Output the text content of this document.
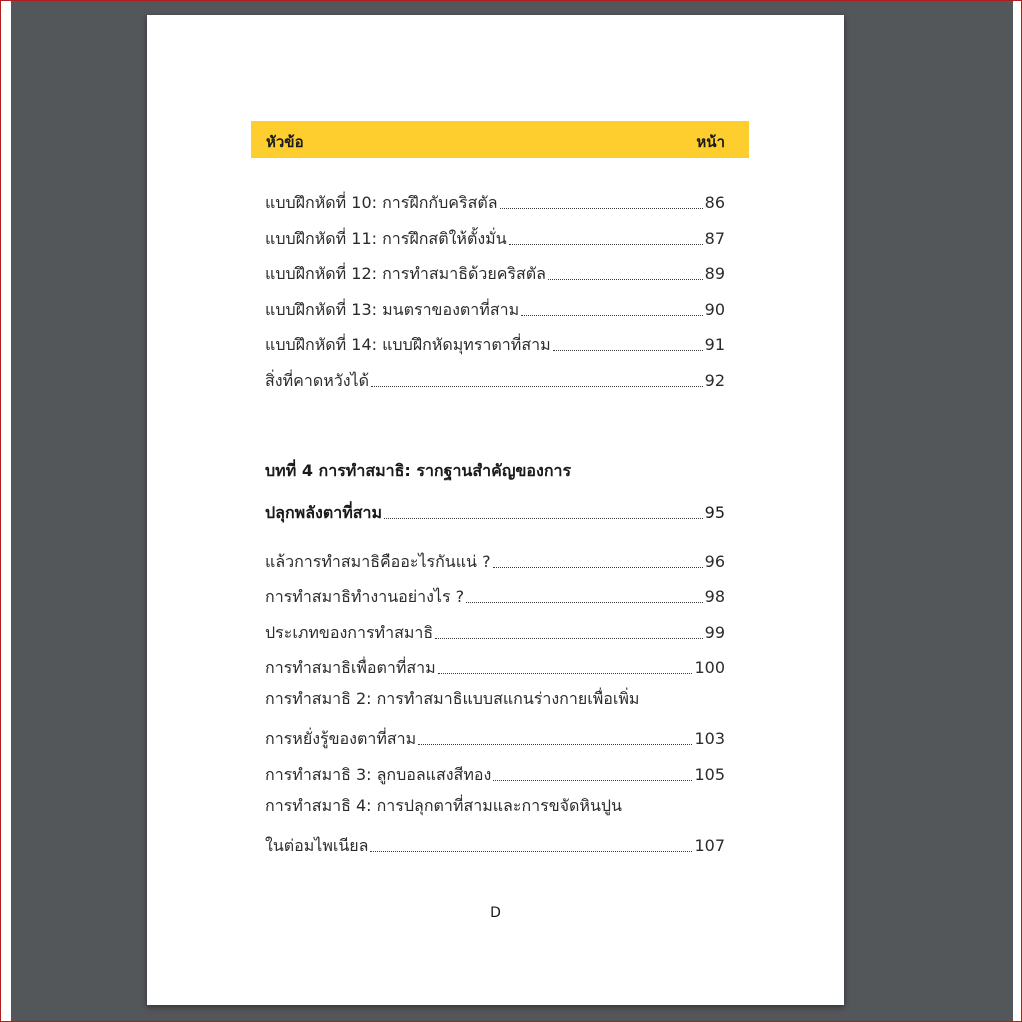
หัวข้อ	หน้า
แบบฝึกหัดที่ 10: การฝึกกับคริสตัล	86
แบบฝึกหัดที่ 11: การฝึกสติให้ตั้งมั่น	87
แบบฝึกหัดที่ 12: การทำสมาธิด้วยคริสตัล	89
แบบฝึกหัดที่ 13: มนตราของตาที่สาม	90
แบบฝึกหัดที่ 14: แบบฝึกหัดมุทราตาที่สาม	91
สิ่งที่คาดหวังได้	92
บทที่ 4 การทำสมาธิ: รากฐานสำคัญของการ
ปลุกพลังตาที่สาม	95
แล้วการทำสมาธิคืออะไรกันแน่ ?	96
การทำสมาธิทำงานอย่างไร ?	98
ประเภทของการทำสมาธิ	99
การทำสมาธิเพื่อตาที่สาม	100
การทำสมาธิ 2: การทำสมาธิแบบสแกนร่างกายเพื่อเพิ่ม
การหยั่งรู้ของตาที่สาม	103
การทำสมาธิ 3: ลูกบอลแสงสีทอง	105
การทำสมาธิ 4: การปลุกตาที่สามและการขจัดหินปูน
ในต่อมไพเนียล	107
D
